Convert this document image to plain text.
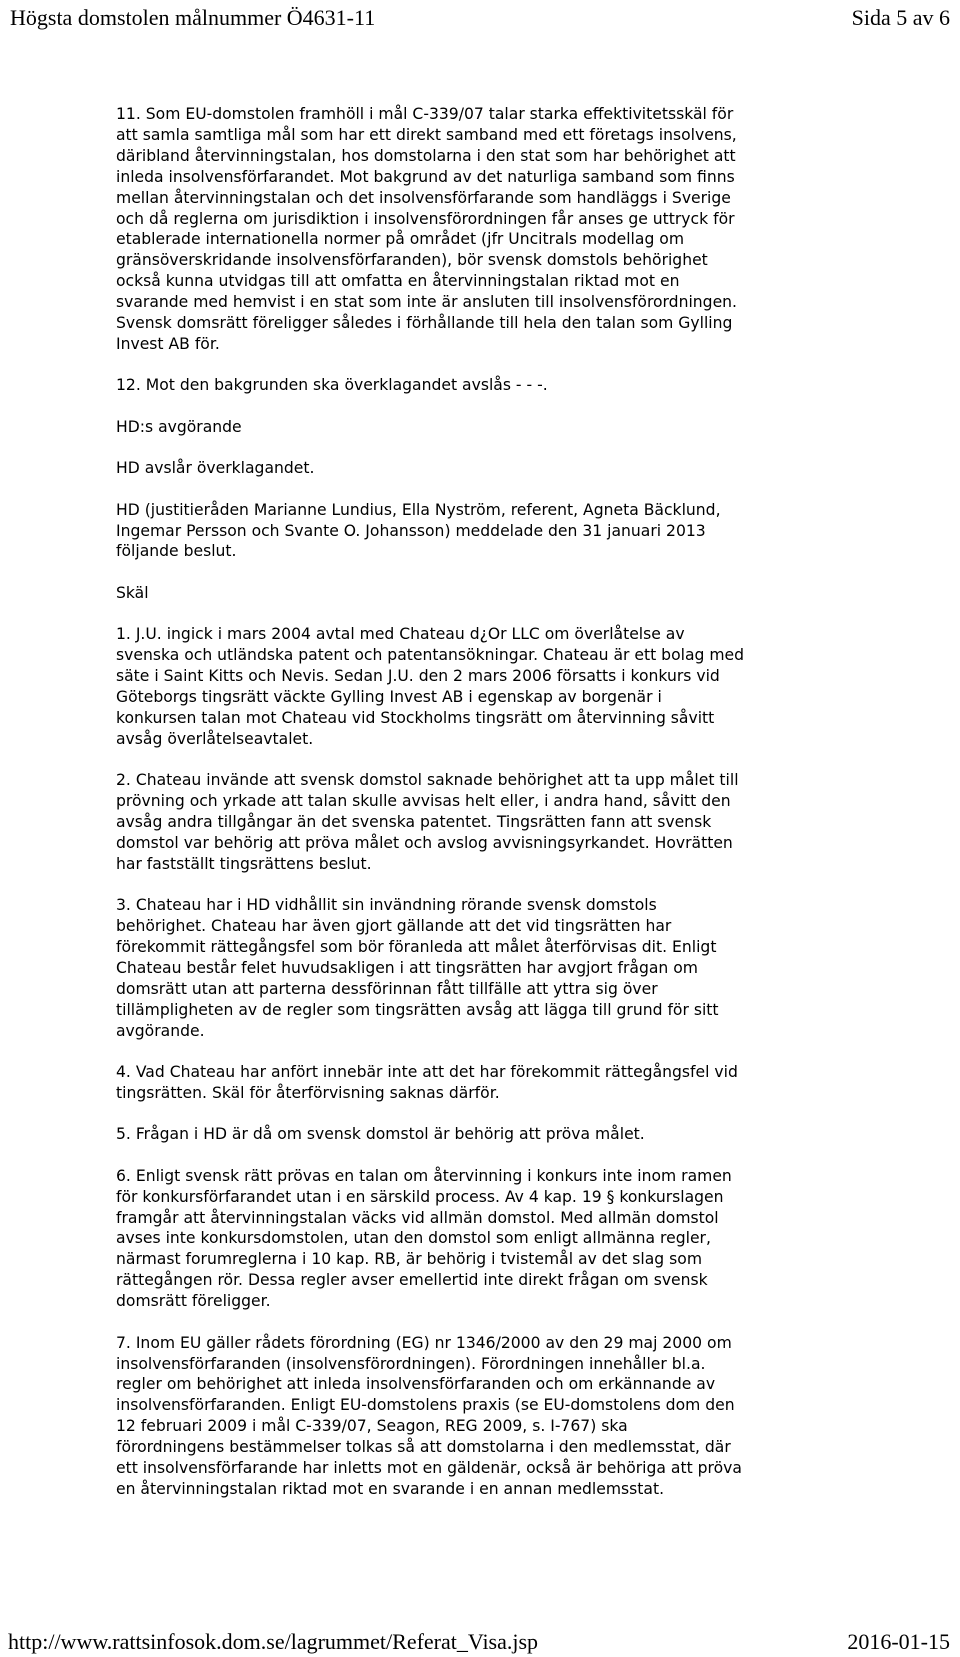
Högsta domstolen målnummer Ö4631-11	Sida 5 av 6
11. Som EU-domstolen framhöll i mål C-339/07 talar starka effektivitetsskäl för
att samla samtliga mål som har ett direkt samband med ett företags insolvens,
däribland återvinningstalan, hos domstolarna i den stat som har behörighet att
inleda insolvensförfarandet. Mot bakgrund av det naturliga samband som finns
mellan återvinningstalan och det insolvensförfarande som handläggs i Sverige
och då reglerna om jurisdiktion i insolvensförordningen får anses ge uttryck för
etablerade internationella normer på området (jfr Uncitrals modellag om
gränsöverskridande insolvensförfaranden), bör svensk domstols behörighet
också kunna utvidgas till att omfatta en återvinningstalan riktad mot en
svarande med hemvist i en stat som inte är ansluten till insolvensförordningen.
Svensk domsrätt föreligger således i förhållande till hela den talan som Gylling
Invest AB för.
12. Mot den bakgrunden ska överklagandet avslås - - -.
HD:s avgörande
HD avslår överklagandet.
HD (justitieråden Marianne Lundius, Ella Nyström, referent, Agneta Bäcklund,
Ingemar Persson och Svante O. Johansson) meddelade den 31 januari 2013
följande beslut.
Skäl
1. J.U. ingick i mars 2004 avtal med Chateau d¿Or LLC om överlåtelse av
svenska och utländska patent och patentansökningar. Chateau är ett bolag med
säte i Saint Kitts och Nevis. Sedan J.U. den 2 mars 2006 försatts i konkurs vid
Göteborgs tingsrätt väckte Gylling Invest AB i egenskap av borgenär i
konkursen talan mot Chateau vid Stockholms tingsrätt om återvinning såvitt
avsåg överlåtelseavtalet.
2. Chateau invände att svensk domstol saknade behörighet att ta upp målet till
prövning och yrkade att talan skulle avvisas helt eller, i andra hand, såvitt den
avsåg andra tillgångar än det svenska patentet. Tingsrätten fann att svensk
domstol var behörig att pröva målet och avslog avvisningsyrkandet. Hovrätten
har fastställt tingsrättens beslut.
3. Chateau har i HD vidhållit sin invändning rörande svensk domstols
behörighet. Chateau har även gjort gällande att det vid tingsrätten har
förekommit rättegångsfel som bör föranleda att målet återförvisas dit. Enligt
Chateau består felet huvudsakligen i att tingsrätten har avgjort frågan om
domsrätt utan att parterna dessförinnan fått tillfälle att yttra sig över
tillämpligheten av de regler som tingsrätten avsåg att lägga till grund för sitt
avgörande.
4. Vad Chateau har anfört innebär inte att det har förekommit rättegångsfel vid
tingsrätten. Skäl för återförvisning saknas därför.
5. Frågan i HD är då om svensk domstol är behörig att pröva målet.
6. Enligt svensk rätt prövas en talan om återvinning i konkurs inte inom ramen
för konkursförfarandet utan i en särskild process. Av 4 kap. 19 § konkurslagen
framgår att återvinningstalan väcks vid allmän domstol. Med allmän domstol
avses inte konkursdomstolen, utan den domstol som enligt allmänna regler,
närmast forumreglerna i 10 kap. RB, är behörig i tvistemål av det slag som
rättegången rör. Dessa regler avser emellertid inte direkt frågan om svensk
domsrätt föreligger.
7. Inom EU gäller rådets förordning (EG) nr 1346/2000 av den 29 maj 2000 om
insolvensförfaranden (insolvensförordningen). Förordningen innehåller bl.a.
regler om behörighet att inleda insolvensförfaranden och om erkännande av
insolvensförfaranden. Enligt EU-domstolens praxis (se EU-domstolens dom den
12 februari 2009 i mål C-339/07, Seagon, REG 2009, s. I-767) ska
förordningens bestämmelser tolkas så att domstolarna i den medlemsstat, där
ett insolvensförfarande har inletts mot en gäldenär, också är behöriga att pröva
en återvinningstalan riktad mot en svarande i en annan medlemsstat.
http://www.rattsinfosok.dom.se/lagrummet/Referat_Visa.jsp	2016-01-15
